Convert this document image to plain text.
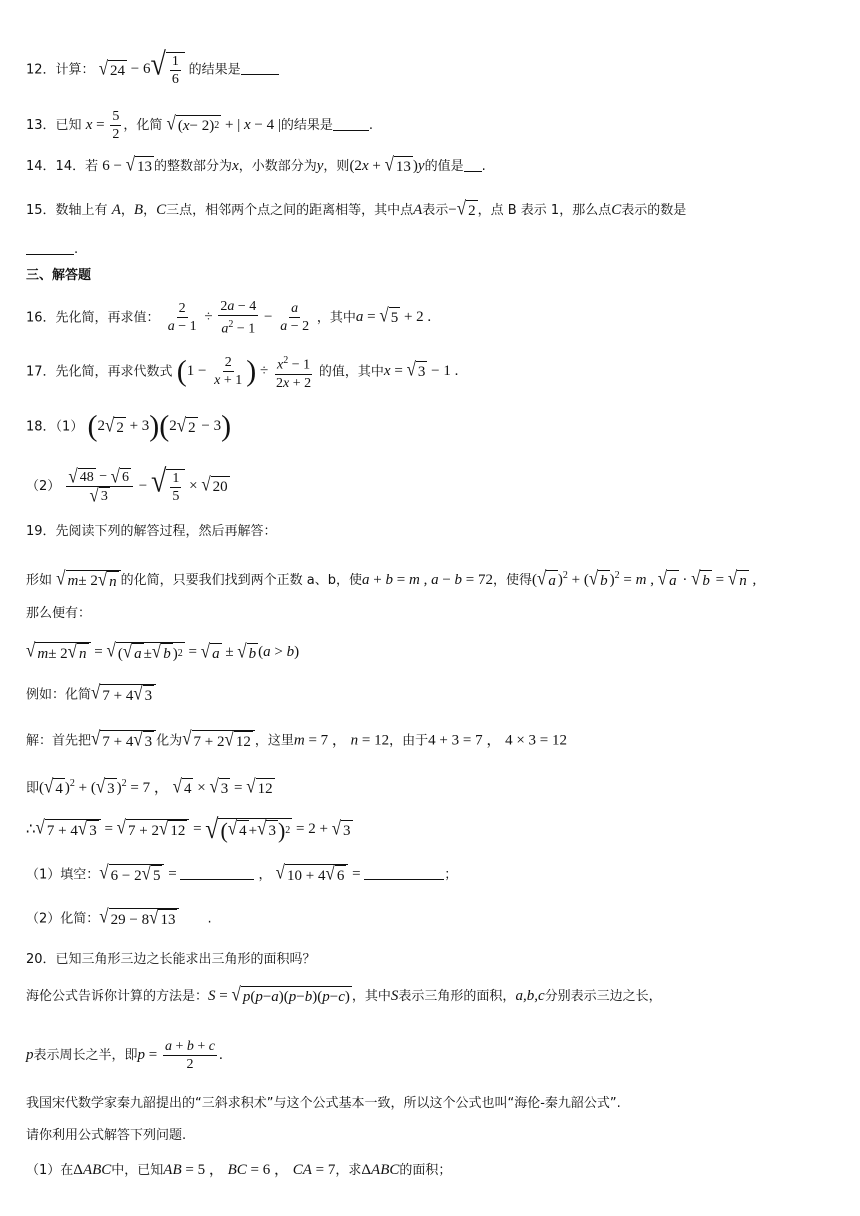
12．计算： √ 24 − 6 √ $\frac{1}{6}$ 的结果是
13．已知 $x = \frac{5}{2}$ ，化简 √ ( x − 2) 2 + | x − 4 |的结果是	.
14．14．若 6 − √ 13 的整数部分为x，小数部分为y，则(2x + √ 13 )y的值是 .
15．数轴上有 A，B，C三点，相邻两个点之间的距离相等，其中点A表示− √ 2 ，点 B 表示 1，那么点C表示的数是
.
三、解答题
16．先化简，再求值： $\frac{2}{a - 1} \div \frac{2a - 4}{a^2 - 1} - \frac{a}{a - 2}$ ，其中a = √ 5 + 2 .
17．先化简，再求代数式 ($1 - \frac{2}{x + 1}$ ) ÷ $\frac{x^2 - 1}{2x + 2}$ 的值，其中x = √ 3 − 1 .
18．（1） (2 √ 2 + 3)(2 √ 2 − 3)
$(2) \frac{√ 48 - √ 6}{√ 3}$ − √ $\frac{1}{5}$ × √ 20
19．先阅读下列的解答过程，然后再解答：
形如 √ m ± 2 √ n 的化简，只要我们找到两个正数 a、b，使a + b = m , a − b = 72，使得( √ a )$^2$ + ( √ b )$^2$ = m , √ a · √ b = √ n ,
那么便有：
√ m ± 2 √ n = √ ( √ a ± √ b ) 2 = √ a ± √ b (a > b)
例如：化简 √ 7 + 4 √ 3
解：首先把 √ 7 + 4 √ 3 化为 √ 7 + 2 √ 12 ，这里m = 7 ， n = 12，由于4 + 3 = 7 ， 4 × 3 = 12
即( √ 4 )$^2$ + ( √ 3 )$^2$ = 7 ， √ 4 × √ 3 = √ 12
∴ √ 7 + 4 √ 3 = √ 7 + 2 √ 12 = √ ( √ 4 + √ 3 ) 2 = 2 + √ 3
（1）填空： √ 6 − 2 √ 5 =	， √ 10 + 4 √ 6 =	；
（2）化简： √ 29 − 8 √ 13 .
20．已知三角形三边之长能求出三角形的面积吗？
海伦公式告诉你计算的方法是：S = √ p ( p − a )( p − b )( p − c ) ，其中S表示三角形的面积，a,b,c分别表示三边之长，
p表示周长之半，即$p = \frac{a + b + c}{2}$ .
我国宋代数学家秦九韶提出的“三斜求积术”与这个公式基本一致，所以这个公式也叫“海伦-秦九韶公式”.
请你利用公式解答下列问题.
（1）在ΔABC中，已知AB = 5 ， BC = 6 ， CA = 7，求ΔABC的面积；
